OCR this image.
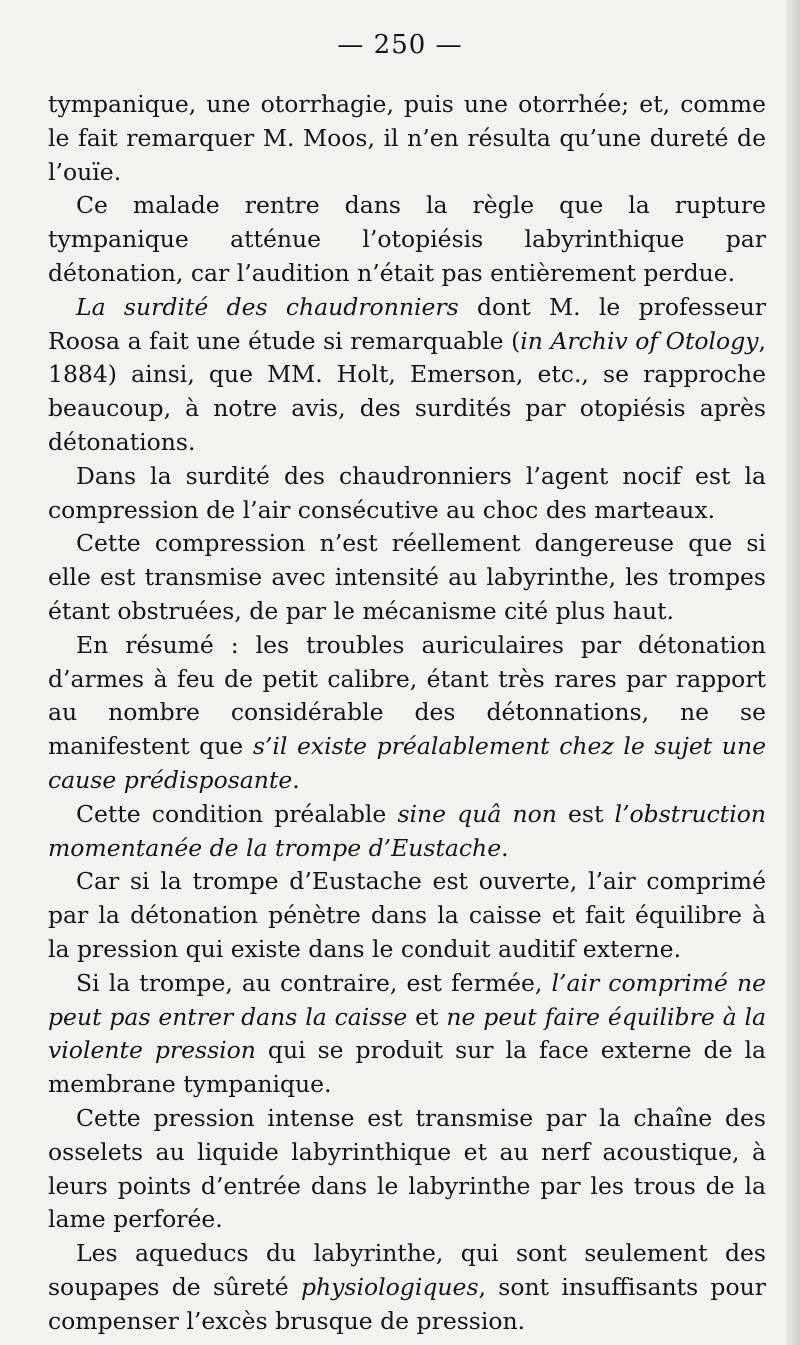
— 250 —

tympanique, une otorrhagie, puis une otorrhée; et, comme le fait remarquer M. Moos, il n’en résulta qu’une dureté de l’ouïe.

Ce malade rentre dans la règle que la rupture tympanique atténue l’otopiésis labyrinthique par détonation, car l’audition n’était pas entièrement perdue.

La surdité des chaudronniers dont M. le professeur Roosa a fait une étude si remarquable (in Archiv of Otology, 1884) ainsi, que MM. Holt, Emerson, etc., se rapproche beaucoup, à notre avis, des surdités par otopiésis après détonations.

Dans la surdité des chaudronniers l’agent nocif est la compression de l’air consécutive au choc des marteaux.

Cette compression n’est réellement dangereuse que si elle est transmise avec intensité au labyrinthe, les trompes étant obstruées, de par le mécanisme cité plus haut.

En résumé : les troubles auriculaires par détonation d’armes à feu de petit calibre, étant très rares par rapport au nombre considérable des détonnations, ne se manifestent que s’il existe préalablement chez le sujet une cause prédisposante.

Cette condition préalable sine quâ non est l’obstruction momentanée de la trompe d’Eustache.

Car si la trompe d’Eustache est ouverte, l’air comprimé par la détonation pénètre dans la caisse et fait équilibre à la pression qui existe dans le conduit auditif externe.

Si la trompe, au contraire, est fermée, l’air comprimé ne peut pas entrer dans la caisse et ne peut faire équilibre à la violente pression qui se produit sur la face externe de la membrane tympanique.

Cette pression intense est transmise par la chaîne des osselets au liquide labyrinthique et au nerf acoustique, à leurs points d’entrée dans le labyrinthe par les trous de la lame perforée.

Les aqueducs du labyrinthe, qui sont seulement des soupapes de sûreté physiologiques, sont insuffisants pour compenser l’excès brusque de pression.
